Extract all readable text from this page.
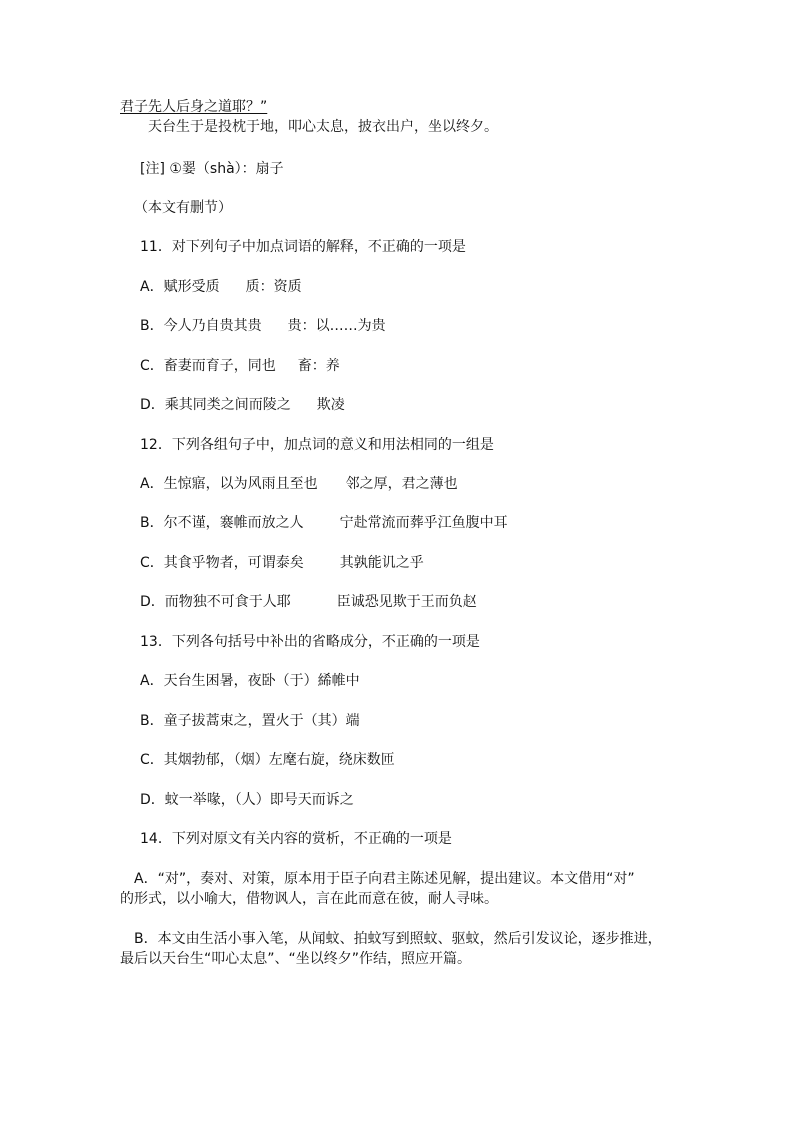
君子先人后身之道耶？”
天台生于是投枕于地，叩心太息，披衣出户，坐以终夕。
[注] ①翣（shà）：扇子
（本文有删节）
11．对下列句子中加点词语的解释，不正确的一项是
A．赋形受质 质：资质
B．今人乃自贵其贵 贵：以……为贵
C．畜妻而育子，同也 畜：养
D．乘其同类之间而陵之 欺凌
12．下列各组句子中，加点词的意义和用法相同的一组是
A．生惊寤，以为风雨且至也 邻之厚，君之薄也
B．尔不谨，褰帷而放之人	宁赴常流而葬乎江鱼腹中耳
C．其食乎物者，可谓泰矣	其孰能讥之乎
D．而物独不可食于人耶	臣诚恐见欺于王而负赵
13．下列各句括号中补出的省略成分，不正确的一项是
A．天台生困暑，夜卧（于）絺帷中
B．童子拔蒿束之，置火于（其）端
C．其烟勃郁，（烟）左麾右旋，绕床数匝
D．蚊一举喙，（人）即号天而诉之
14．下列对原文有关内容的赏析，不正确的一项是
A．“对”，奏对、对策，原本用于臣子向君主陈述见解，提出建议。本文借用“对”
的形式，以小喻大，借物讽人，言在此而意在彼，耐人寻味。
B．本文由生活小事入笔，从闻蚊、拍蚊写到照蚊、驱蚊，然后引发议论，逐步推进，
最后以天台生“叩心太息”、“坐以终夕”作结，照应开篇。
